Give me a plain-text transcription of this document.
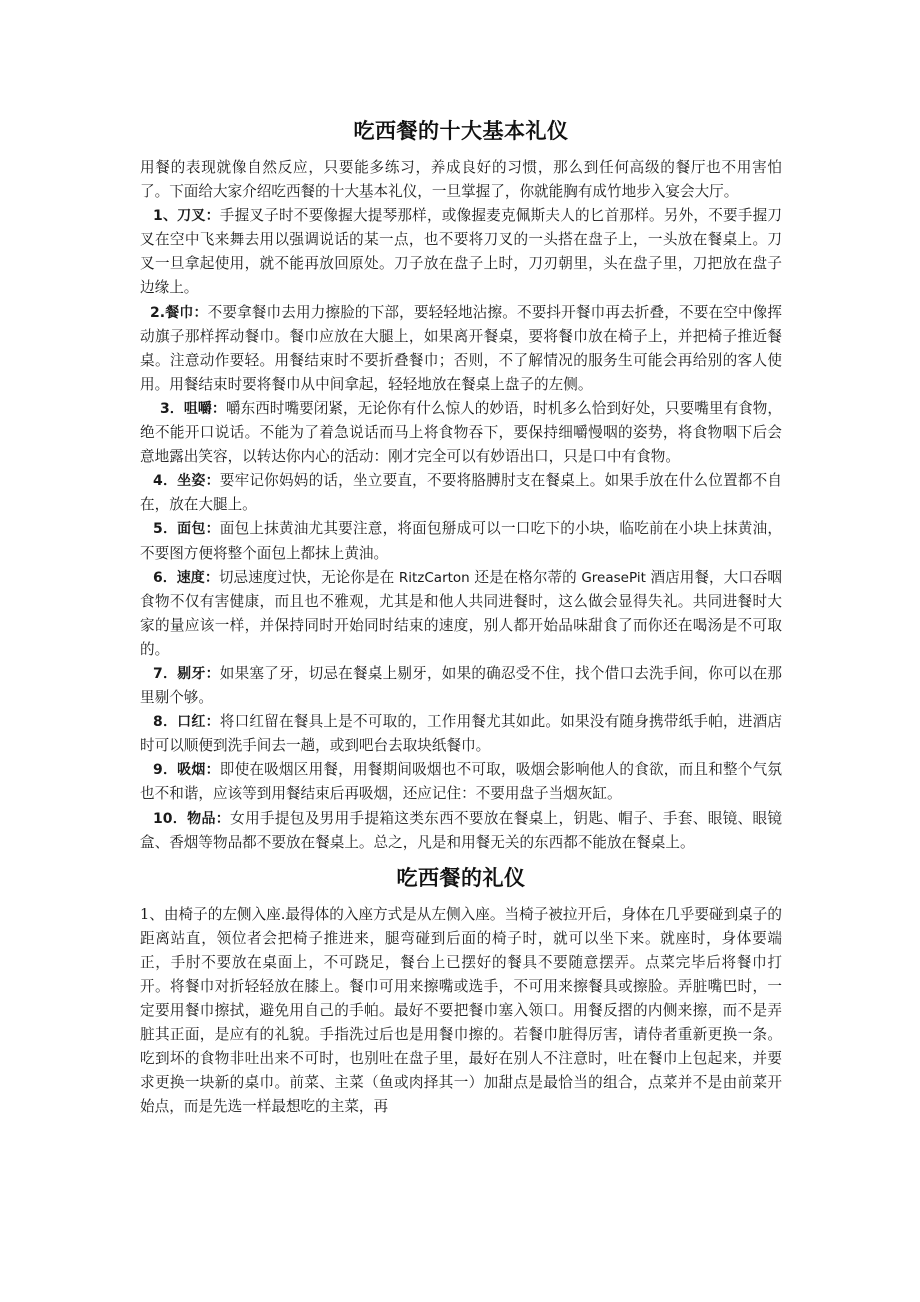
吃西餐的十大基本礼仪

用餐的表现就像自然反应，只要能多练习，养成良好的习惯，那么到任何高级的餐厅也不用害怕了。下面给大家介绍吃西餐的十大基本礼仪，一旦掌握了，你就能胸有成竹地步入宴会大厅。

1、刀叉：手握叉子时不要像握大提琴那样，或像握麦克佩斯夫人的匕首那样。另外，不要手握刀叉在空中飞来舞去用以强调说话的某一点，也不要将刀叉的一头搭在盘子上，一头放在餐桌上。刀叉一旦拿起使用，就不能再放回原处。刀子放在盘子上时，刀刃朝里，头在盘子里，刀把放在盘子边缘上。

2.餐巾：不要拿餐巾去用力擦脸的下部，要轻轻地沾擦。不要抖开餐巾再去折叠，不要在空中像挥动旗子那样挥动餐巾。餐巾应放在大腿上，如果离开餐桌，要将餐巾放在椅子上，并把椅子推近餐桌。注意动作要轻。用餐结束时不要折叠餐巾；否则，不了解情况的服务生可能会再给别的客人使用。用餐结束时要将餐巾从中间拿起，轻轻地放在餐桌上盘子的左侧。

3．咀嚼：嚼东西时嘴要闭紧，无论你有什么惊人的妙语，时机多么恰到好处，只要嘴里有食物，绝不能开口说话。不能为了着急说话而马上将食物吞下，要保持细嚼慢咽的姿势，将食物咽下后会意地露出笑容，以转达你内心的活动：刚才完全可以有妙语出口，只是口中有食物。

4．坐姿：要牢记你妈妈的话，坐立要直，不要将胳膊肘支在餐桌上。如果手放在什么位置都不自在，放在大腿上。

5．面包：面包上抹黄油尤其要注意，将面包掰成可以一口吃下的小块，临吃前在小块上抹黄油，不要图方便将整个面包上都抹上黄油。

6．速度：切忌速度过快，无论你是在 RitzCarton 还是在格尔蒂的 GreasePit 酒店用餐，大口吞咽食物不仅有害健康，而且也不雅观，尤其是和他人共同进餐时，这么做会显得失礼。共同进餐时大家的量应该一样，并保持同时开始同时结束的速度，别人都开始品味甜食了而你还在喝汤是不可取的。

7．剔牙：如果塞了牙，切忌在餐桌上剔牙，如果的确忍受不住，找个借口去洗手间，你可以在那里剔个够。

8．口红：将口红留在餐具上是不可取的，工作用餐尤其如此。如果没有随身携带纸手帕，进酒店时可以顺便到洗手间去一趟，或到吧台去取块纸餐巾。

9．吸烟：即使在吸烟区用餐，用餐期间吸烟也不可取，吸烟会影响他人的食欲，而且和整个气氛也不和谐，应该等到用餐结束后再吸烟，还应记住：不要用盘子当烟灰缸。

10．物品：女用手提包及男用手提箱这类东西不要放在餐桌上，钥匙、帽子、手套、眼镜、眼镜盒、香烟等物品都不要放在餐桌上。总之，凡是和用餐无关的东西都不能放在餐桌上。

吃西餐的礼仪

1、由椅子的左侧入座.最得体的入座方式是从左侧入座。当椅子被拉开后，身体在几乎要碰到桌子的距离站直，领位者会把椅子推进来，腿弯碰到后面的椅子时，就可以坐下来。就座时，身体要端正，手肘不要放在桌面上，不可跷足，餐台上已摆好的餐具不要随意摆弄。点菜完毕后将餐巾打开。将餐巾对折轻轻放在膝上。餐巾可用来擦嘴或选手，不可用来擦餐具或擦脸。弄脏嘴巴时，一定要用餐巾擦拭，避免用自己的手帕。最好不要把餐巾塞入领口。用餐反摺的内侧来擦，而不是弄脏其正面，是应有的礼貌。手指洗过后也是用餐巾擦的。若餐巾脏得厉害，请侍者重新更换一条。吃到坏的食物非吐出来不可时，也别吐在盘子里，最好在别人不注意时，吐在餐巾上包起来，并要求更换一块新的桌巾。前菜、主菜（鱼或肉择其一）加甜点是最恰当的组合，点菜并不是由前菜开始点，而是先选一样最想吃的主菜，再
